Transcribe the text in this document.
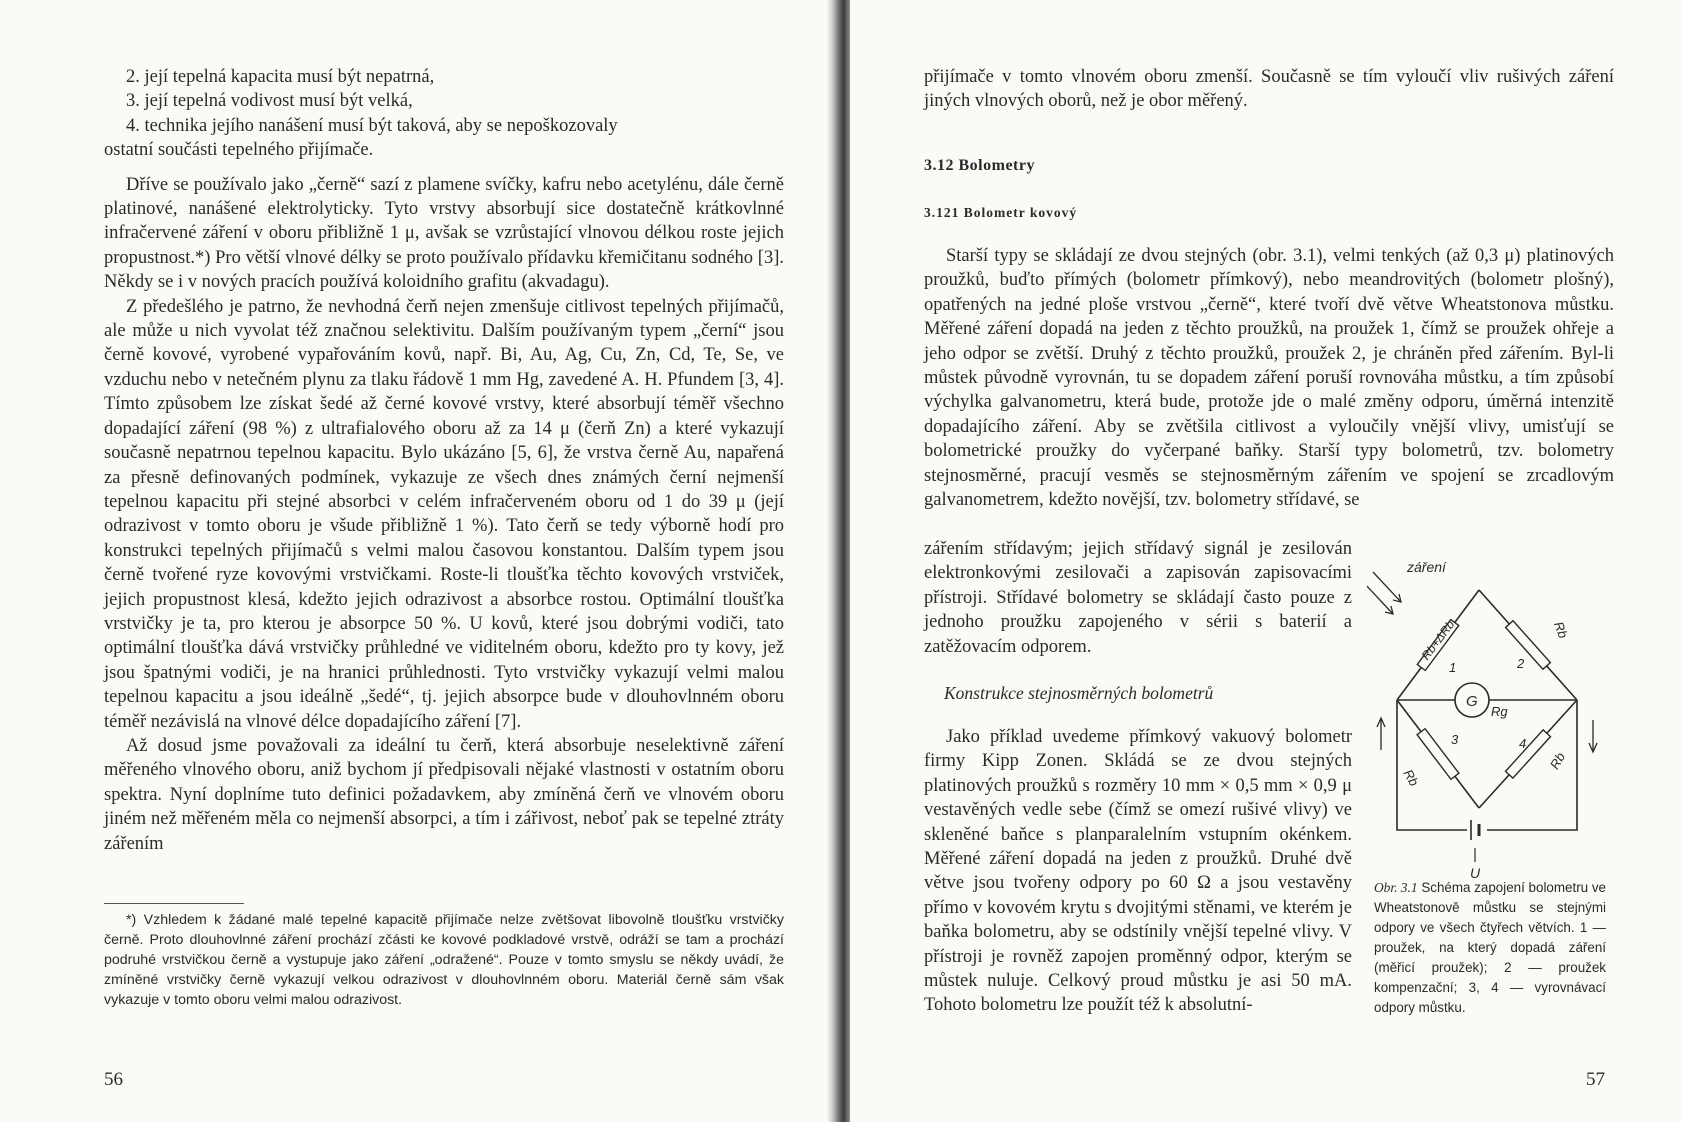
2. její tepelná kapacita musí být nepatrná,

3. její tepelná vodivost musí být velká,

4. technika jejího nanášení musí být taková, aby se nepoškozovaly

ostatní součásti tepelného přijímače.

Dříve se používalo jako „černě“ sazí z plamene svíčky, kafru nebo acetylénu, dále černě platinové, nanášené elektrolyticky. Tyto vrstvy absorbují sice dostatečně krátkovlnné infračervené záření v oboru přibližně 1 μ, avšak se vzrůstající vlnovou délkou roste jejich propustnost.*) Pro větší vlnové délky se proto používalo přídavku křemičitanu sodného [3]. Někdy se i v nových pracích používá koloidního grafitu (akvadagu).

Z předešlého je patrno, že nevhodná čerň nejen zmenšuje citlivost tepelných přijímačů, ale může u nich vyvolat též značnou selektivitu. Dalším používaným typem „černí“ jsou černě kovové, vyrobené vypařováním kovů, např. Bi, Au, Ag, Cu, Zn, Cd, Te, Se, ve vzduchu nebo v netečném plynu za tlaku řádově 1 mm Hg, zavedené A. H. Pfundem [3, 4]. Tímto způsobem lze získat šedé až černé kovové vrstvy, které absorbují téměř všechno dopadající záření (98 %) z ultrafialového oboru až za 14 μ (čerň Zn) a které vykazují současně nepatrnou tepelnou kapacitu. Bylo ukázáno [5, 6], že vrstva černě Au, napařená za přesně definovaných podmínek, vykazuje ze všech dnes známých černí nejmenší tepelnou kapacitu při stejné absorbci v celém infračerveném oboru od 1 do 39 μ (její odrazivost v tomto oboru je všude přibližně 1 %). Tato čerň se tedy výborně hodí pro konstrukci tepelných přijímačů s velmi malou časovou konstantou. Dalším typem jsou černě tvořené ryze kovovými vrstvičkami. Roste-li tloušťka těchto kovových vrstviček, jejich propustnost klesá, kdežto jejich odrazivost a absorbce rostou. Optimální tloušťka vrstvičky je ta, pro kterou je absorpce 50 %. U kovů, které jsou dobrými vodiči, tato optimální tloušťka dává vrstvičky průhledné ve viditelném oboru, kdežto pro ty kovy, jež jsou špatnými vodiči, je na hranici průhlednosti. Tyto vrstvičky vykazují velmi malou tepelnou kapacitu a jsou ideálně „šedé“, tj. jejich absorpce bude v dlouhovlnném oboru téměř nezávislá na vlnové délce dopadajícího záření [7].

Až dosud jsme považovali za ideální tu čerň, která absorbuje neselektivně záření měřeného vlnového oboru, aniž bychom jí předpisovali nějaké vlastnosti v ostatním oboru spektra. Nyní doplníme tuto definici požadavkem, aby zmíněná čerň ve vlnovém oboru jiném než měřeném měla co nejmenší absorpci, a tím i zářivost, neboť pak se tepelné ztráty zářením

*) Vzhledem k žádané malé tepelné kapacitě přijímače nelze zvětšovat libovolně tloušťku vrstvičky černě. Proto dlouhovlnné záření prochází zčásti ke kovové podkladové vrstvě, odráží se tam a prochází podruhé vrstvičkou černě a vystupuje jako záření „odražené“. Pouze v tomto smyslu se někdy uvádí, že zmíněné vrstvičky černě vykazují velkou odrazivost v dlouhovlnném oboru. Materiál černě sám však vykazuje v tomto oboru velmi malou odrazivost.

56
přijímače v tomto vlnovém oboru zmenší. Současně se tím vyloučí vliv rušivých záření jiných vlnových oborů, než je obor měřený.
3.12 Bolometry
3.121 Bolometr kovový

Starší typy se skládají ze dvou stejných (obr. 3.1), velmi tenkých (až 0,3 μ) platinových proužků, buďto přímých (bolometr přímkový), nebo meandrovitých (bolometr plošný), opatřených na jedné ploše vrstvou „černě“, které tvoří dvě větve Wheatstonova můstku. Měřené záření dopadá na jeden z těchto proužků, na proužek 1, čímž se proužek ohřeje a jeho odpor se zvětší. Druhý z těchto proužků, proužek 2, je chráněn před zářením. Byl-li můstek původně vyrovnán, tu se dopadem záření poruší rovnováha můstku, a tím způsobí výchylka galvanometru, která bude, protože jde o malé změny odporu, úměrná intenzitě dopadajícího záření. Aby se zvětšila citlivost a vyloučily vnější vlivy, umisťují se bolometrické proužky do vyčerpané baňky. Starší typy bolometrů, tzv. bolometry stejnosměrné, pracují vesměs se stejnosměrným zářením ve spojení se zrcadlovým galvanometrem, kdežto novější, tzv. bolometry střídavé, se

zářením střídavým; jejich střídavý signál je zesilován elektronkovými zesilovači a zapisován zapisovacími přístroji. Střídavé bolometry se skládají často pouze z jednoho proužku zapojeného v sérii s baterií a zatěžovacím odporem.

Konstrukce stejnosměrných bolometrů

Jako příklad uvedeme přímkový vakuový bolometr firmy Kipp Zonen. Skládá se ze dvou stejných platinových proužků s rozměry 10 mm × 0,5 mm × 0,9 μ vestavěných vedle sebe (čímž se omezí rušivé vlivy) ve skleněné baňce s planparalelním vstupním okénkem. Měřené záření dopadá na jeden z proužků. Druhé dvě větve jsou tvořeny odpory po 60 Ω a jsou vestavěny přímo v kovovém krytu s dvojitými stěnami, ve kterém je baňka bolometru, aby se odstínily vnější tepelné vlivy. V přístroji je rovněž zapojen proměnný odpor, kterým se můstek nuluje. Celkový proud můstku je asi 50 mA. Tohoto bolometru lze použít též k absolutní-

G
záření
Rb+ΔRb	Rb
Rb
Rb
Rg
1	2
3	4
U
Obr. 3.1 Schéma zapojení bolometru ve Wheatstonově můstku se stejnými odpory ve všech čtyřech větvích. 1 — proužek, na který dopadá záření (měřicí proužek); 2 — proužek kompenzační; 3, 4 — vyrovnávací odpory můstku.
57
